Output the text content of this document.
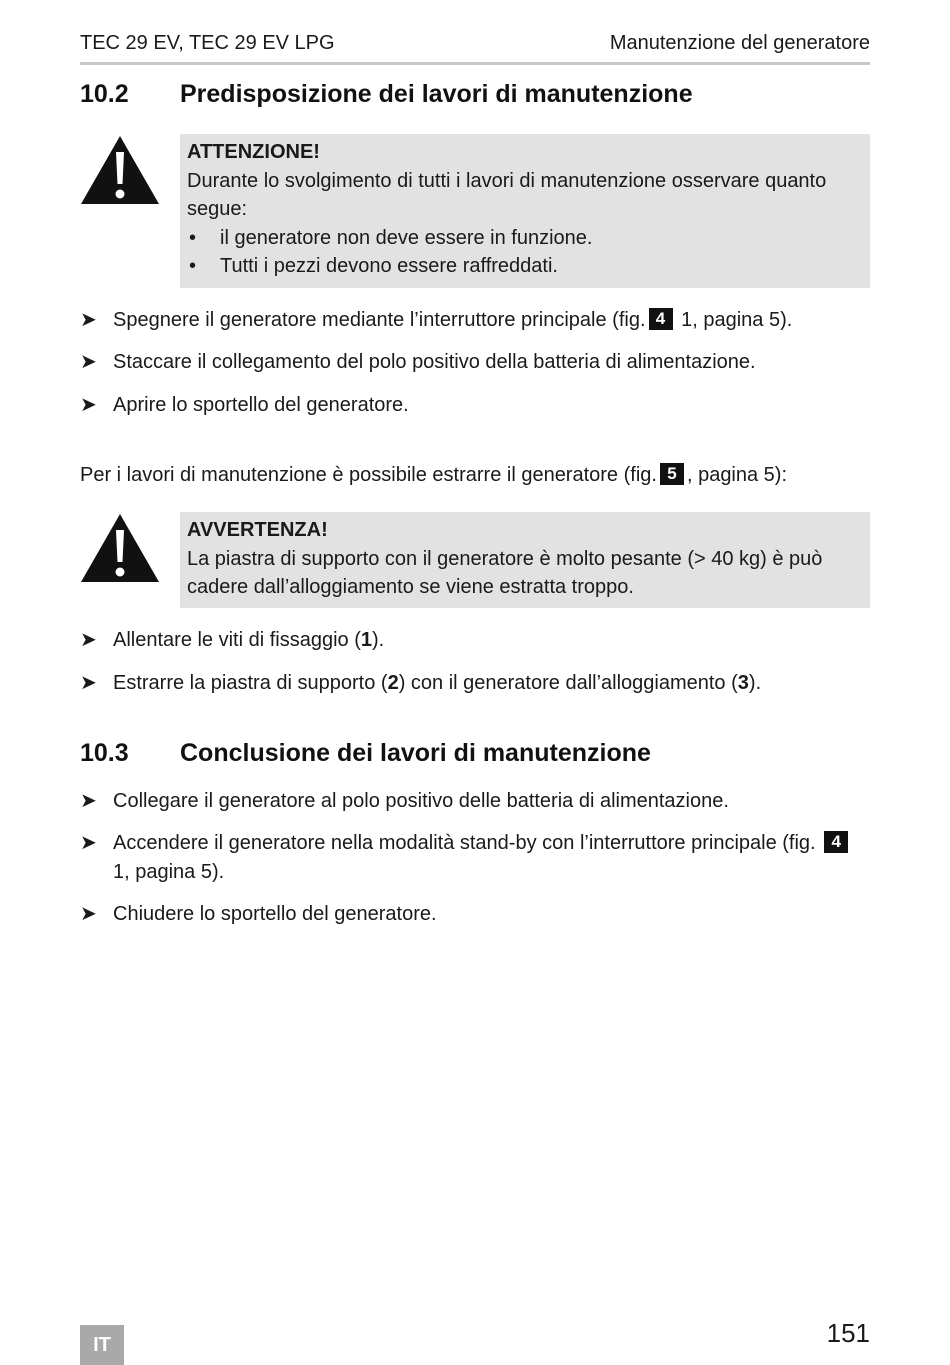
TEC 29 EV, TEC 29 EV LPG	Manutenzione del generatore
10.2	Predisposizione dei lavori di manutenzione
ATTENZIONE!
Durante lo svolgimento di tutti i lavori di manutenzione osservare quanto segue:
• il generatore non deve essere in funzione.
• Tutti i pezzi devono essere raffreddati.
➤ Spegnere il generatore mediante l’interruttore principale (fig. 4 1, pagina 5).
➤ Staccare il collegamento del polo positivo della batteria di alimentazione.
➤ Aprire lo sportello del generatore.
Per i lavori di manutenzione è possibile estrarre il generatore (fig. 5 , pagina 5):
AVVERTENZA!
La piastra di supporto con il generatore è molto pesante (> 40 kg) è può cadere dall’alloggiamento se viene estratta troppo.
➤ Allentare le viti di fissaggio (1).
➤ Estrarre la piastra di supporto (2) con il generatore dall’alloggiamento (3).
10.3	Conclusione dei lavori di manutenzione
➤ Collegare il generatore al polo positivo delle batteria di alimentazione.
➤ Accendere il generatore nella modalità stand-by con l’interruttore principale (fig. 4 1, pagina 5).
➤ Chiudere lo sportello del generatore.
IT	151
